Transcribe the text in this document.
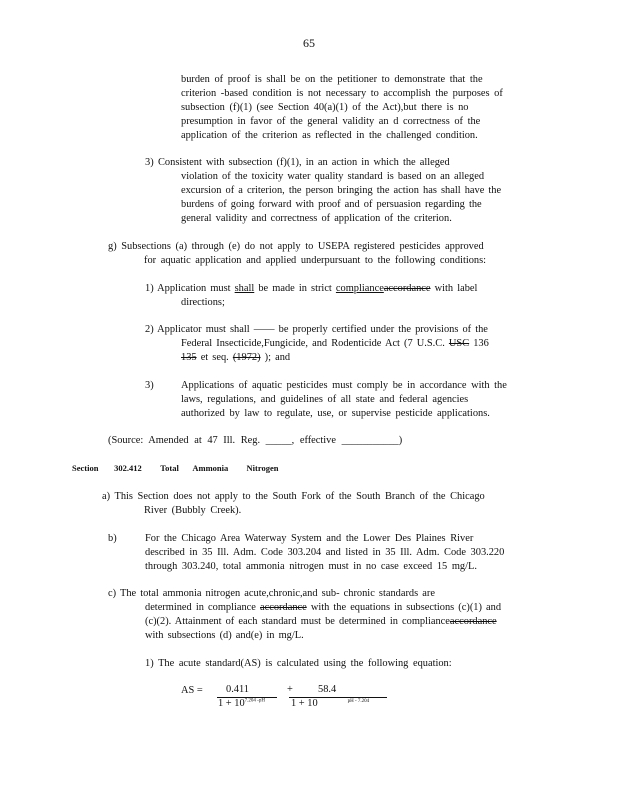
65

burden of proof is shall be on the petitioner to demonstrate that the

criterion -based condition is not necessary to accomplish the purposes of

subsection (f)(1) (see Section 40(a)(1) of the Act),but there is no

presumption in favor of the general validity an d correctness of the

application of the criterion as reflected in the challenged condition.

3) Consistent with subsection (f)(1), in an action in which the alleged

violation of the toxicity water quality standard is based on an alleged

excursion of a criterion, the person bringing the action has shall have the

burdens of going forward with proof and of persuasion regarding the

general validity and correctness of application of the criterion.

g) Subsections (a) through (e) do not apply to USEPA registered pesticides approved

for aquatic application and applied underpursuant to the following conditions:

1) Application must shall be made in strict complianceaccordance with label

directions;

2) Applicator must shall —— be properly certified under the provisions of the

Federal Insecticide,Fungicide, and Rodenticide Act (7 U.S.C. USC 136

135 et seq. (1972) ); and

3)	Applications of aquatic pesticides must comply be in accordance with the

laws, regulations, and guidelines of all state and federal agencies

authorized by law to regulate, use, or supervise pesticide applications.

(Source: Amended at 47 Ill. Reg. _____, effective ___________)
Section 302.412 Total Ammonia Nitrogen

a) This Section does not apply to the South Fork of the South Branch of the Chicago

River (Bubbly Creek).

b)	For the Chicago Area Waterway System and the Lower Des Plaines River

described in 35 Ill. Adm. Code 303.204 and listed in 35 Ill. Adm. Code 303.220

through 303.240, total ammonia nitrogen must in no case exceed 15 mg/L.

c) The total ammonia nitrogen acute,chronic,and sub- chronic standards are

determined in compliance accordance with the equations in subsections (c)(1) and

(c)(2). Attainment of each standard must be determined in complianceaccordance

with subsections (d) and(e) in mg/L.

1) The acute standard(AS) is calculated using the following equation:
AS = 0.411
$1 + 10^{7.204 -pH}$
+ 58.4
1 + 10	$^{pH - 7.204}$
